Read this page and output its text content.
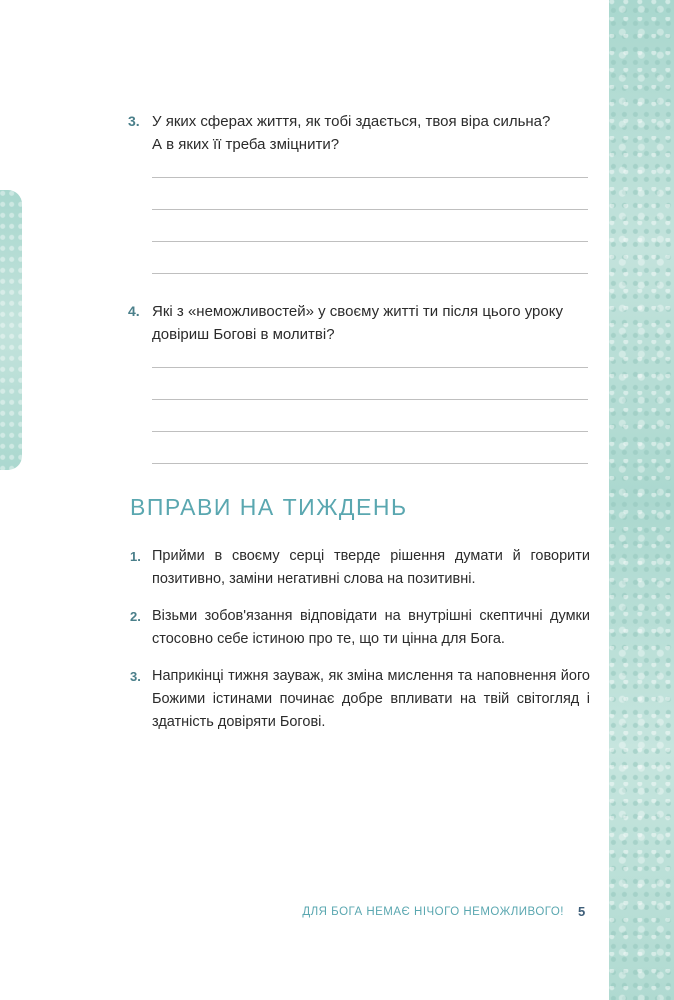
3. У яких сферах життя, як тобі здається, твоя віра сильна?
А в яких її треба зміцнити?
4. Які з «неможливостей» у своєму житті ти після цього уроку
довіриш Богові в молитві?
ВПРАВИ НА ТИЖДЕНЬ
1. Прийми в своєму серці тверде рішення думати й говорити позитивно, заміни негативні слова на позитивні.
2. Візьми зобов'язання відповідати на внутрішні скептичні думки стосовно себе істиною про те, що ти цінна для Бога.
3. Наприкінці тижня зауваж, як зміна мислення та наповнення його Божими істинами починає добре впливати на твій світогляд і здатність довіряти Богові.
ДЛЯ БОГА НЕМАЄ НІЧОГО НЕМОЖЛИВОГО! 5
